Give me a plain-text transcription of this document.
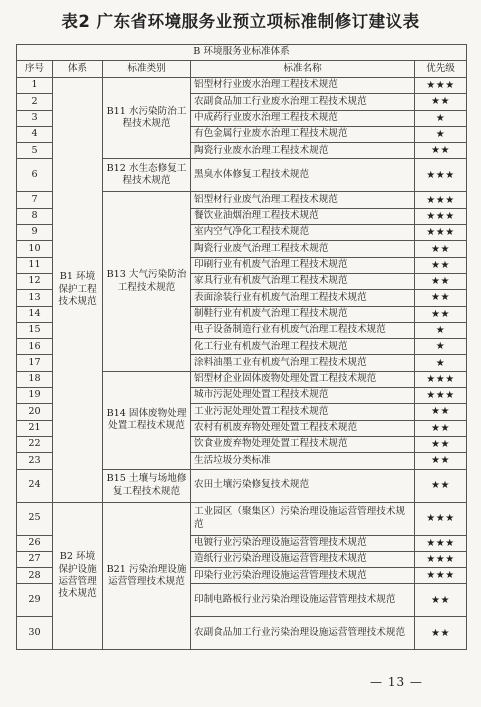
表2 广东省环境服务业预立项标准制修订建议表
B 环境服务业标准体系				
序号	体系	标准类别	标准名称	优先级
1	B1 环境保护工程技术规范	B11 水污染防治工程技术规范	铝型材行业废水治理工程技术规范	★★★
2			农副食品加工行业废水治理工程技术规范	★★
3			中成药行业废水治理工程技术规范	★
4			有色金属行业废水治理工程技术规范	★
5			陶瓷行业废水治理工程技术规范	★★
6		B12 水生态修复工程技术规范	黑臭水体修复工程技术规范	★★★
7		B13 大气污染防治工程技术规范	铝型材行业废气治理工程技术规范	★★★
8			餐饮业油烟治理工程技术规范	★★★
9			室内空气净化工程技术规范	★★★
10			陶瓷行业废气治理工程技术规范	★★
11			印刷行业有机废气治理工程技术规范	★★
12			家具行业有机废气治理工程技术规范	★★
13			表面涂装行业有机废气治理工程技术规范	★★
14			制鞋行业有机废气治理工程技术规范	★★
15			电子设备制造行业有机废气治理工程技术规范	★
16			化工行业有机废气治理工程技术规范	★
17			涂料油墨工业有机废气治理工程技术规范	★
18		B14 固体废物处理处置工程技术规范	铝型材企业固体废物处理处置工程技术规范	★★★
19			城市污泥处理处置工程技术规范	★★★
20			工业污泥处理处置工程技术规范	★★
21			农村有机废弃物处理处置工程技术规范	★★
22			饮食业废弃物处理处置工程技术规范	★★
23			生活垃圾分类标准	★★
24		B15 土壤与场地修复工程技术规范	农田土壤污染修复技术规范	★★
25	B2 环境保护设施运营管理技术规范	B21 污染治理设施运营管理技术规范	工业园区（聚集区）污染治理设施运营管理技术规范	★★★
26			电镀行业污染治理设施运营管理技术规范	★★★
27			造纸行业污染治理设施运营管理技术规范	★★★
28			印染行业污染治理设施运营管理技术规范	★★★
29			印制电路板行业污染治理设施运营管理技术规范	★★
30			农副食品加工行业污染治理设施运营管理技术规范	★★
— 13 —
